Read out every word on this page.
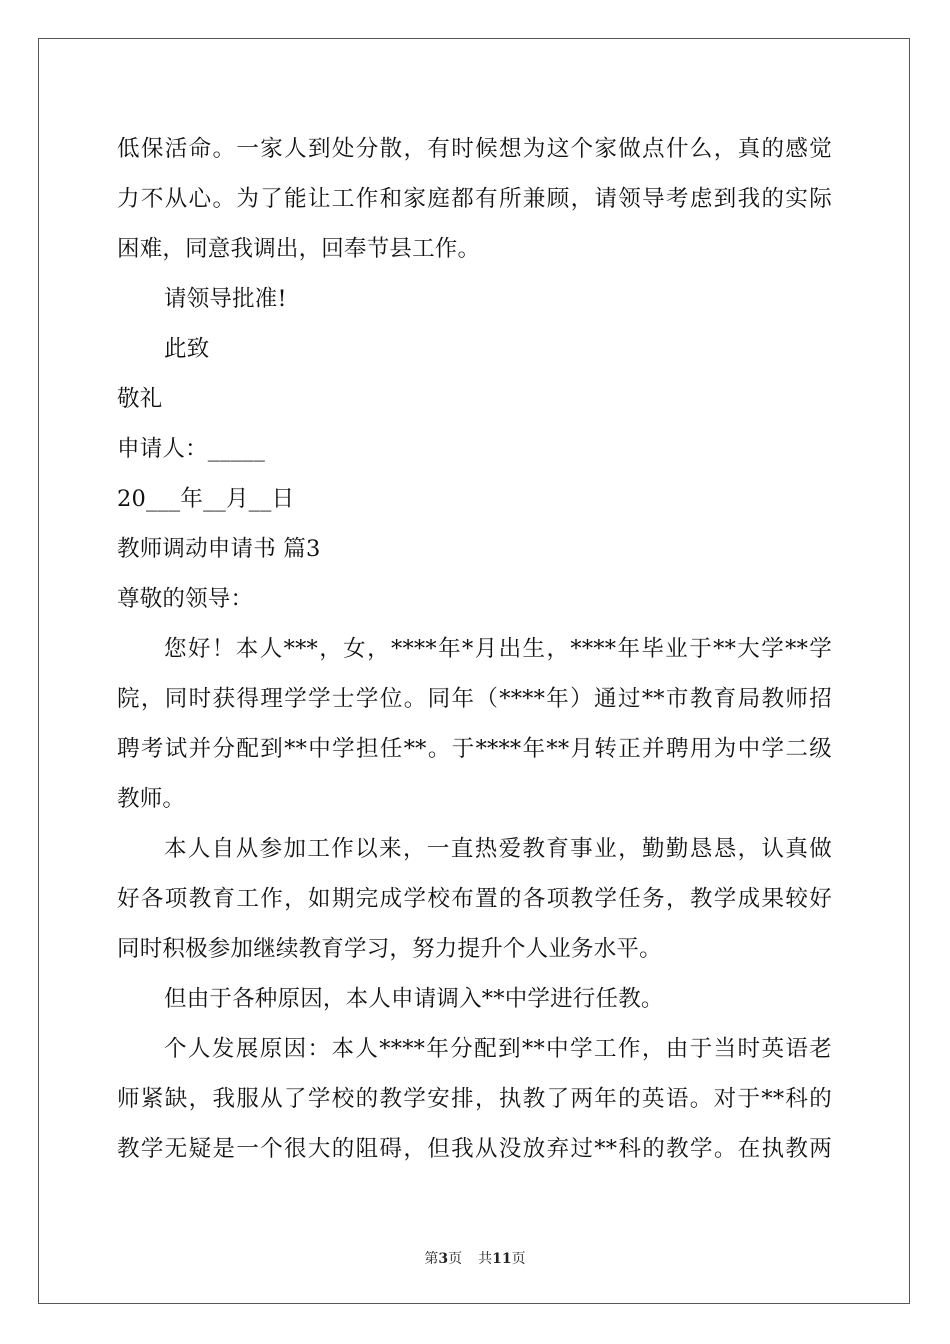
低保活命。一家人到处分散，有时候想为这个家做点什么，真的感觉
力不从心。为了能让工作和家庭都有所兼顾，请领导考虑到我的实际
困难，同意我调出，回奉节县工作。
请领导批准!
此致
敬礼
申请人：_____
20___年__月__日
教师调动申请书 篇3
尊敬的领导：
您好！本人***，女，****年*月出生，****年毕业于**大学**学
院，同时获得理学学士学位。同年（****年）通过**市教育局教师招
聘考试并分配到**中学担任**。于****年**月转正并聘用为中学二级
教师。
本人自从参加工作以来，一直热爱教育事业，勤勤恳恳，认真做
好各项教育工作，如期完成学校布置的各项教学任务，教学成果较好
同时积极参加继续教育学习，努力提升个人业务水平。
但由于各种原因，本人申请调入**中学进行任教。
个人发展原因：本人****年分配到**中学工作，由于当时英语老
师紧缺，我服从了学校的教学安排，执教了两年的英语。对于**科的
教学无疑是一个很大的阻碍，但我从没放弃过**科的教学。在执教两
第3页 共11页
